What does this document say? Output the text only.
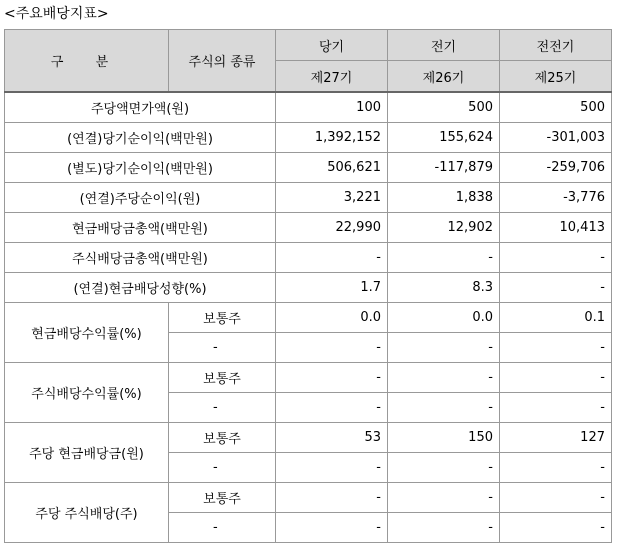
<주요배당지표>
구 분	주식의 종류	당기	전기	전전기
		제27기	제26기	제25기
주당액면가액(원)		100	500	500
(연결)당기순이익(백만원)		1,392,152	155,624	-301,003
(별도)당기순이익(백만원)		506,621	-117,879	-259,706
(연결)주당순이익(원)		3,221	1,838	-3,776
현금배당금총액(백만원)		22,990	12,902	10,413
주식배당금총액(백만원)		-	-	-
(연결)현금배당성향(%)		1.7	8.3	-
현금배당수익률(%)	보통주	0.0	0.0	0.1
	-	-	-	-
주식배당수익률(%)	보통주	-	-	-
	-	-	-	-
주당 현금배당금(원)	보통주	53	150	127
	-	-	-	-
주당 주식배당(주)	보통주	-	-	-
	-	-	-	-
